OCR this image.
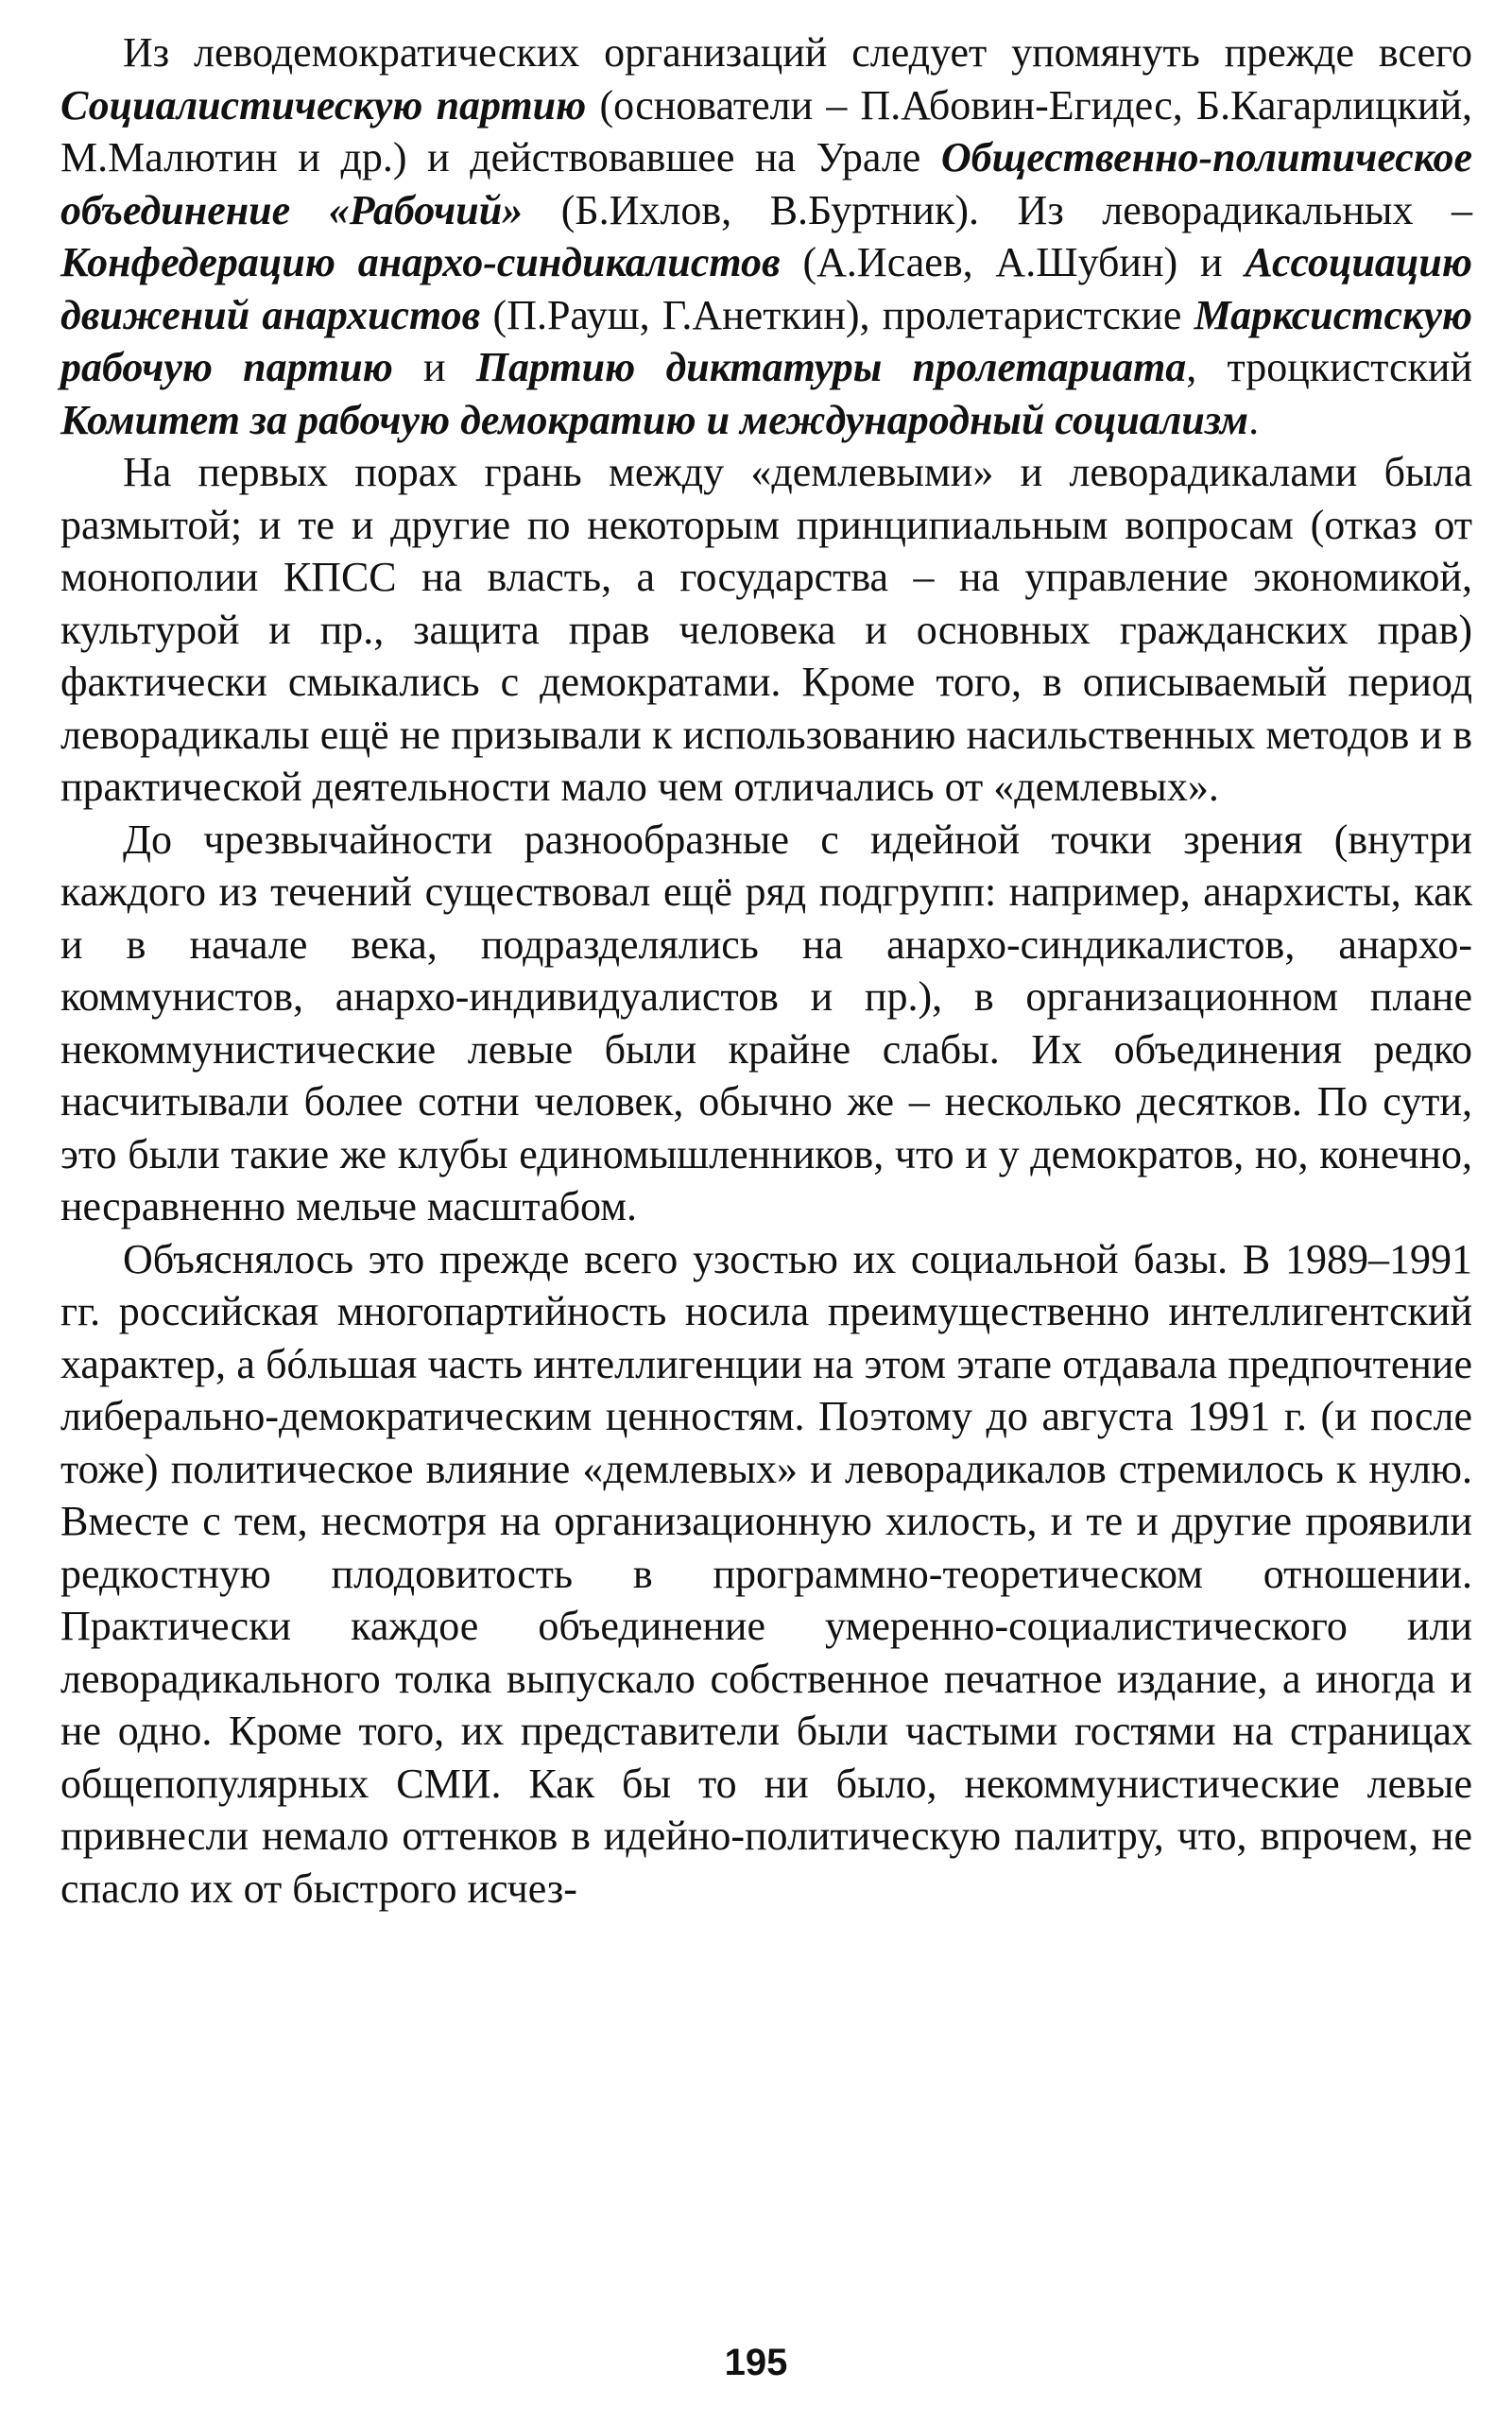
Из леводемократических организаций следует упомянуть прежде всего Социалистическую партию (основатели – П.Абовин-Егидес, Б.Кагарлицкий, М.Малютин и др.) и действовавшее на Урале Общественно-политическое объединение «Рабочий» (Б.Ихлов, В.Буртник). Из леворадикальных – Конфедерацию анархо-синдикалистов (А.Исаев, А.Шубин) и Ассоциацию движений анархистов (П.Рауш, Г.Анеткин), пролетаристские Марксистскую рабочую партию и Партию диктатуры пролетариата, троцкистский Комитет за рабочую демократию и международный социализм.

На первых порах грань между «демлевыми» и леворадикалами была размытой; и те и другие по некоторым принципиальным вопросам (отказ от монополии КПСС на власть, а государства – на управление экономикой, культурой и пр., защита прав человека и основных гражданских прав) фактически смыкались с демократами. Кроме того, в описываемый период леворадикалы ещё не призывали к использованию насильственных методов и в практической деятельности мало чем отличались от «демлевых».

До чрезвычайности разнообразные с идейной точки зрения (внутри каждого из течений существовал ещё ряд подгрупп: например, анархисты, как и в начале века, подразделялись на анархо-синдикалистов, анархо-коммунистов, анархо-индивидуалистов и пр.), в организационном плане некоммунистические левые были крайне слабы. Их объединения редко насчитывали более сотни человек, обычно же – несколько десятков. По сути, это были такие же клубы единомышленников, что и у демократов, но, конечно, несравненно мельче масштабом.

Объяснялось это прежде всего узостью их социальной базы. В 1989–1991 гг. российская многопартийность носила преимущественно интеллигентский характер, а бóльшая часть интеллигенции на этом этапе отдавала предпочтение либерально-демократическим ценностям. Поэтому до августа 1991 г. (и после тоже) политическое влияние «демлевых» и леворадикалов стремилось к нулю. Вместе с тем, несмотря на организационную хилость, и те и другие проявили редкостную плодовитость в программно-теоретическом отношении. Практически каждое объединение умеренно-социалистического или леворадикального толка выпускало собственное печатное издание, а иногда и не одно. Кроме того, их представители были частыми гостями на страницах общепопулярных СМИ. Как бы то ни было, некоммунистические левые привнесли немало оттенков в идейно-политическую палитру, что, впрочем, не спасло их от быстрого исчез-

195
